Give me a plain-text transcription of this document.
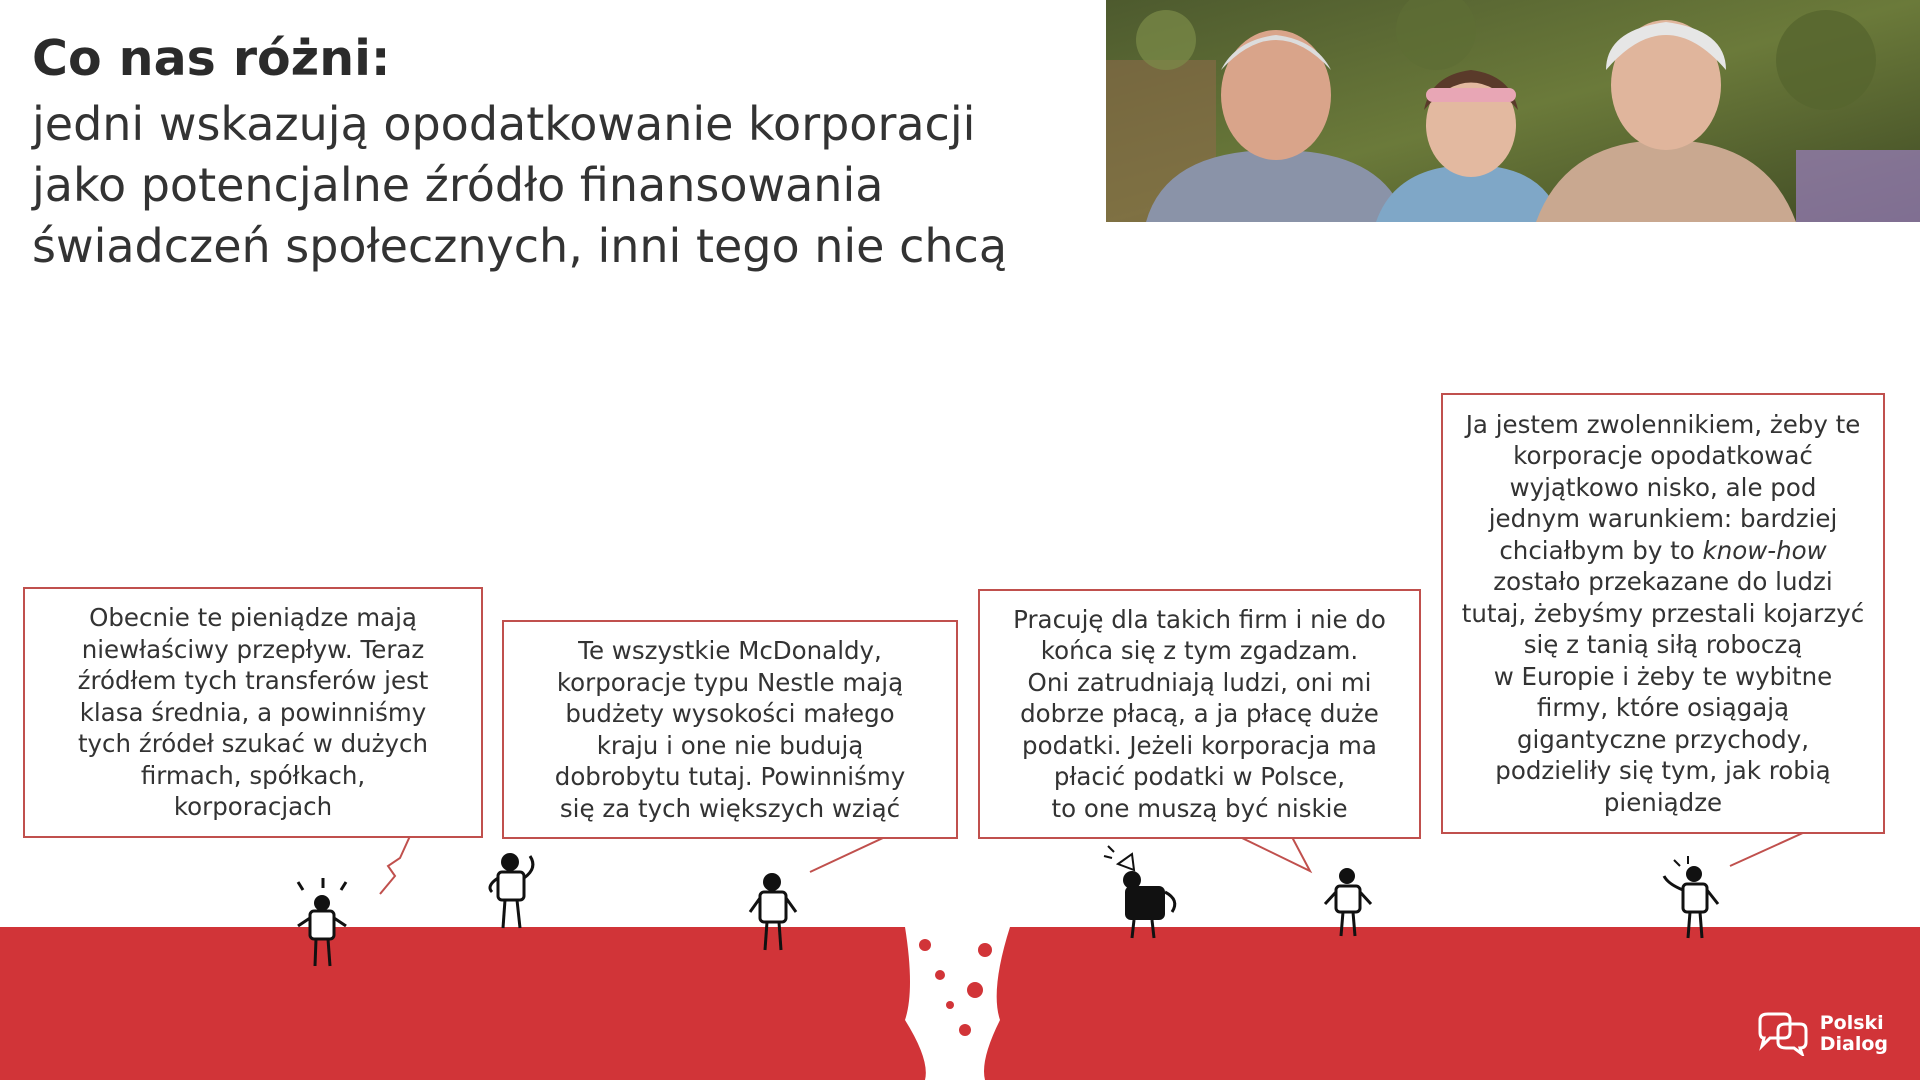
Co nas różni:
jedni wskazują opodatkowanie korporacji
jako potencjalne źródło finansowania
świadczeń społecznych, inni tego nie chcą
Obecnie te pieniądze mają
niewłaściwy przepływ. Teraz
źródłem tych transferów jest
klasa średnia, a powinniśmy
tych źródeł szukać w dużych
firmach, spółkach,
korporacjach
Te wszystkie McDonaldy,
korporacje typu Nestle mają
budżety wysokości małego
kraju i one nie budują
dobrobytu tutaj. Powinniśmy
się za tych większych wziąć
Pracuję dla takich firm i nie do
końca się z tym zgadzam.
Oni zatrudniają ludzi, oni mi
dobrze płacą, a ja płacę duże
podatki. Jeżeli korporacja ma
płacić podatki w Polsce,
to one muszą być niskie
Ja jestem zwolennikiem, żeby te
korporacje opodatkować
wyjątkowo nisko, ale pod
jednym warunkiem: bardziej
chciałbym by to know-how
zostało przekazane do ludzi
tutaj, żebyśmy przestali kojarzyć
się z tanią siłą roboczą
w Europie i żeby te wybitne
firmy, które osiągają
gigantyczne przychody,
podzieliły się tym, jak robią
pieniądze
Polski
Dialog
